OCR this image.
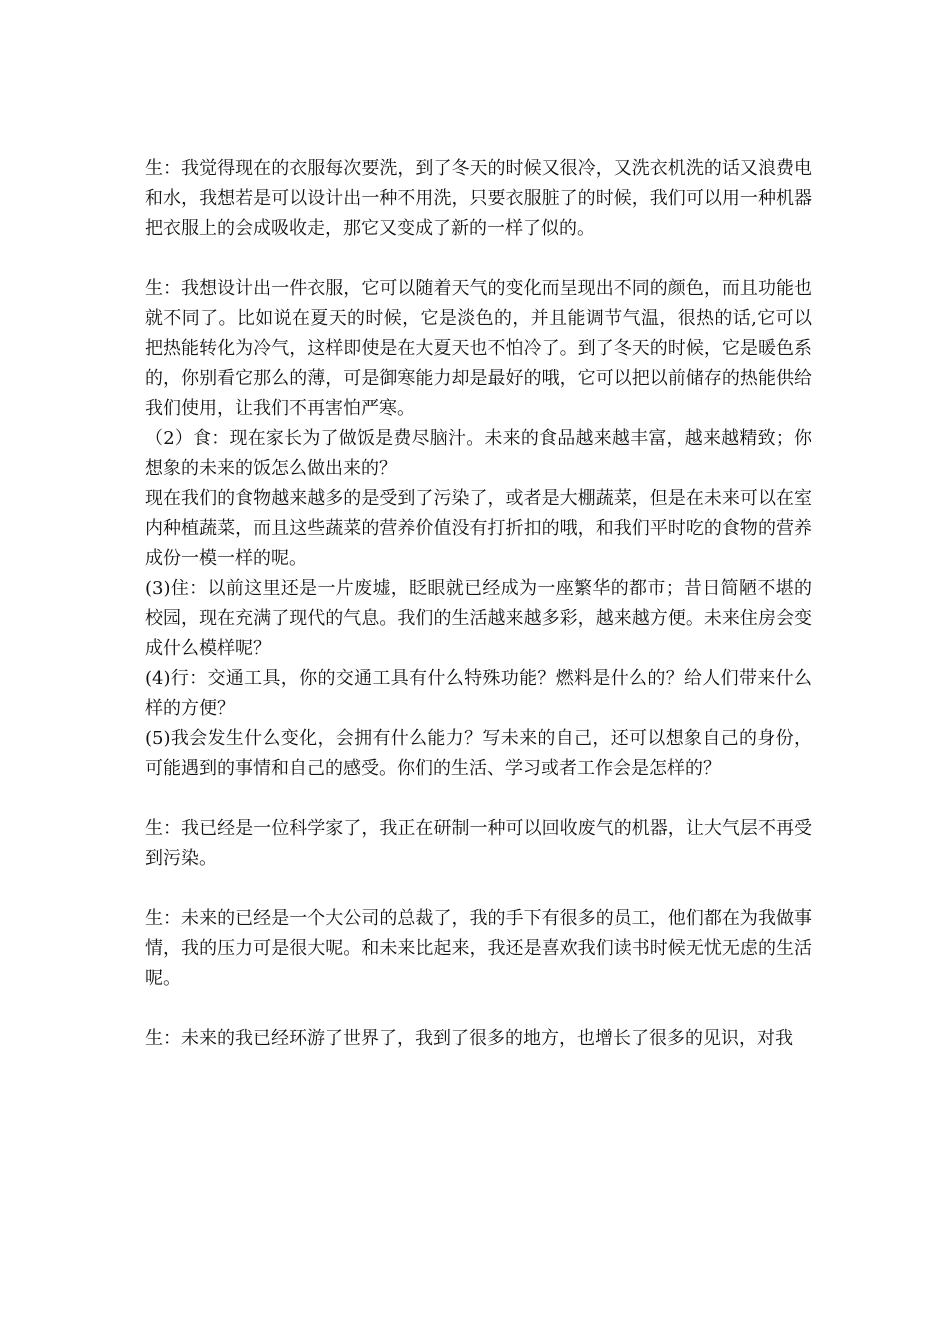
生：我觉得现在的衣服每次要洗，到了冬天的时候又很冷，又洗衣机洗的话又浪费电和水，我想若是可以设计出一种不用洗，只要衣服脏了的时候，我们可以用一种机器把衣服上的会成吸收走，那它又变成了新的一样了似的。

生：我想设计出一件衣服，它可以随着天气的变化而呈现出不同的颜色，而且功能也就不同了。比如说在夏天的时候，它是淡色的，并且能调节气温，很热的话,它可以把热能转化为冷气，这样即使是在大夏天也不怕冷了。到了冬天的时候，它是暖色系的，你别看它那么的薄，可是御寒能力却是最好的哦，它可以把以前储存的热能供给我们使用，让我们不再害怕严寒。

（2）食：现在家长为了做饭是费尽脑汁。未来的食品越来越丰富，越来越精致；你想象的未来的饭怎么做出来的？

现在我们的食物越来越多的是受到了污染了，或者是大棚蔬菜，但是在未来可以在室内种植蔬菜，而且这些蔬菜的营养价值没有打折扣的哦，和我们平时吃的食物的营养成份一模一样的呢。

(3)住：以前这里还是一片废墟，眨眼就已经成为一座繁华的都市；昔日简陋不堪的校园，现在充满了现代的气息。我们的生活越来越多彩，越来越方便。未来住房会变成什么模样呢？

(4)行：交通工具，你的交通工具有什么特殊功能？燃料是什么的？给人们带来什么样的方便？

(5)我会发生什么变化，会拥有什么能力？写未来的自己，还可以想象自己的身份，可能遇到的事情和自己的感受。你们的生活、学习或者工作会是怎样的？

生：我已经是一位科学家了，我正在研制一种可以回收废气的机器，让大气层不再受到污染。

生：未来的已经是一个大公司的总裁了，我的手下有很多的员工，他们都在为我做事情，我的压力可是很大呢。和未来比起来，我还是喜欢我们读书时候无忧无虑的生活呢。

生：未来的我已经环游了世界了，我到了很多的地方，也增长了很多的见识，对我
